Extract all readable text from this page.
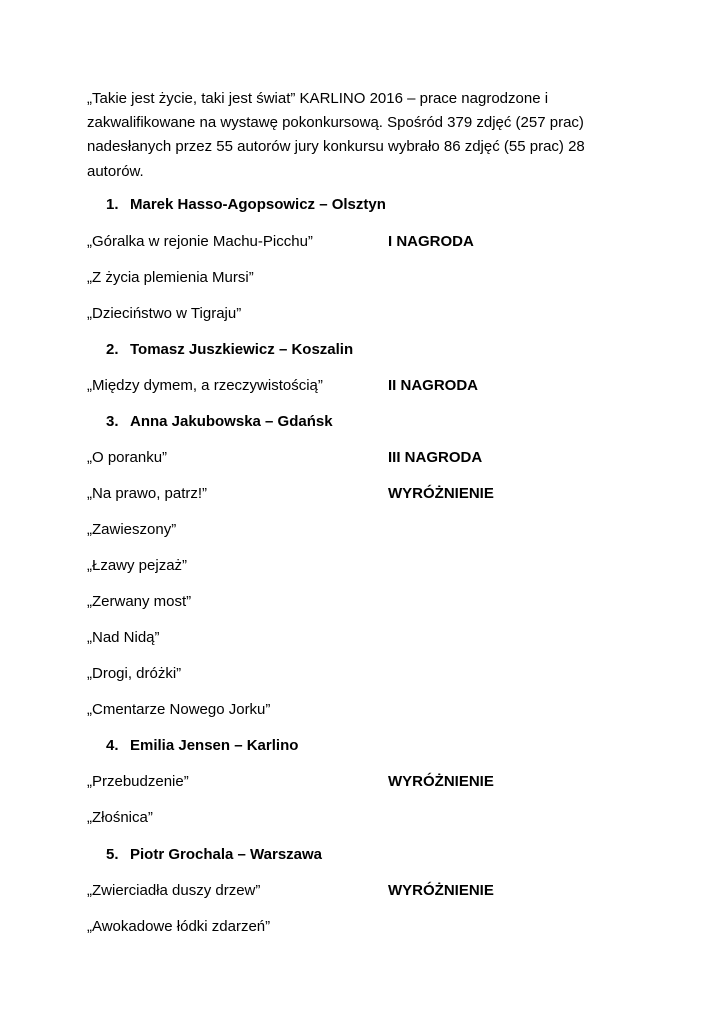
„Takie jest życie, taki jest świat” KARLINO 2016 – prace nagrodzone i zakwalifikowane na wystawę pokonkursową. Spośród 379 zdjęć (257 prac) nadesłanych przez 55 autorów jury konkursu wybrało 86 zdjęć (55 prac) 28 autorów.

1. Marek Hasso-Agopsowicz – Olsztyn
„Góralka w rejonie Machu-Picchu”	I NAGRODA
„Z życia plemienia Mursi”
„Dzieciństwo w Tigraju”
2. Tomasz Juszkiewicz – Koszalin
„Między dymem, a rzeczywistością”	II NAGRODA
3. Anna Jakubowska – Gdańsk
„O poranku”	III NAGRODA
„Na prawo, patrz!”	WYRÓŻNIENIE
„Zawieszony”
„Łzawy pejzaż”
„Zerwany most”
„Nad Nidą”
„Drogi, dróżki”
„Cmentarze Nowego Jorku”
4. Emilia Jensen – Karlino
„Przebudzenie”	WYRÓŻNIENIE
„Złośnica”
5. Piotr Grochala – Warszawa
„Zwierciadła duszy drzew”	WYRÓŻNIENIE
„Awokadowe łódki zdarzeń”
